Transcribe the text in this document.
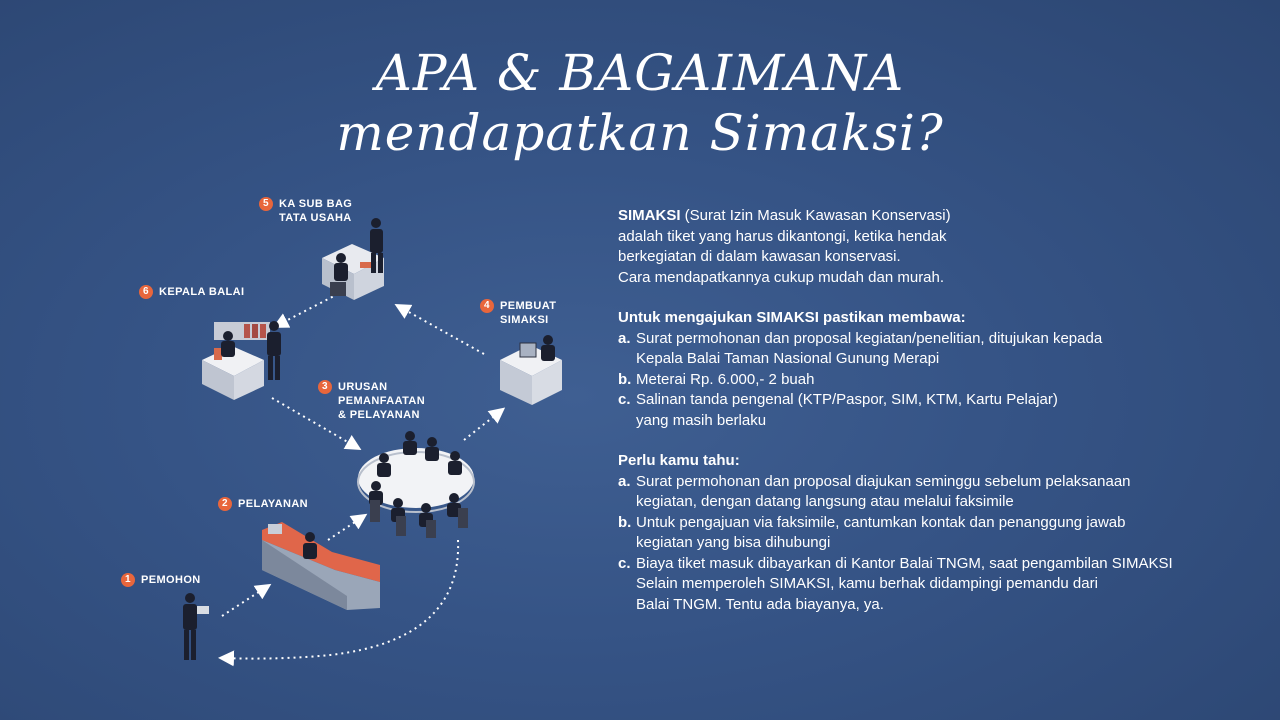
APA & BAGAIMANA
mendapatkan Simaksi?
1 PEMOHON
2 PELAYANAN
3 URUSAN
PEMANFAATAN
& PELAYANAN
4 PEMBUAT
SIMAKSI
5 KA SUB BAG
TATA USAHA
6 KEPALA BALAI
SIMAKSI (Surat Izin Masuk Kawasan Konservasi)
adalah tiket yang harus dikantongi, ketika hendak
berkegiatan di dalam kawasan konservasi.
Cara mendapatkannya cukup mudah dan murah.
Untuk mengajukan SIMAKSI pastikan membawa:
a. Surat permohonan dan proposal kegiatan/penelitian, ditujukan kepada
Kepala Balai Taman Nasional Gunung Merapi
b. Meterai Rp. 6.000,- 2 buah
c. Salinan tanda pengenal (KTP/Paspor, SIM, KTM, Kartu Pelajar)
yang masih berlaku
Perlu kamu tahu:
a. Surat permohonan dan proposal diajukan seminggu sebelum pelaksanaan
kegiatan, dengan datang langsung atau melalui faksimile
b. Untuk pengajuan via faksimile, cantumkan kontak dan penanggung jawab
kegiatan yang bisa dihubungi
c. Biaya tiket masuk dibayarkan di Kantor Balai TNGM, saat pengambilan SIMAKSI
Selain memperoleh SIMAKSI, kamu berhak didampingi pemandu dari
Balai TNGM. Tentu ada biayanya, ya.
